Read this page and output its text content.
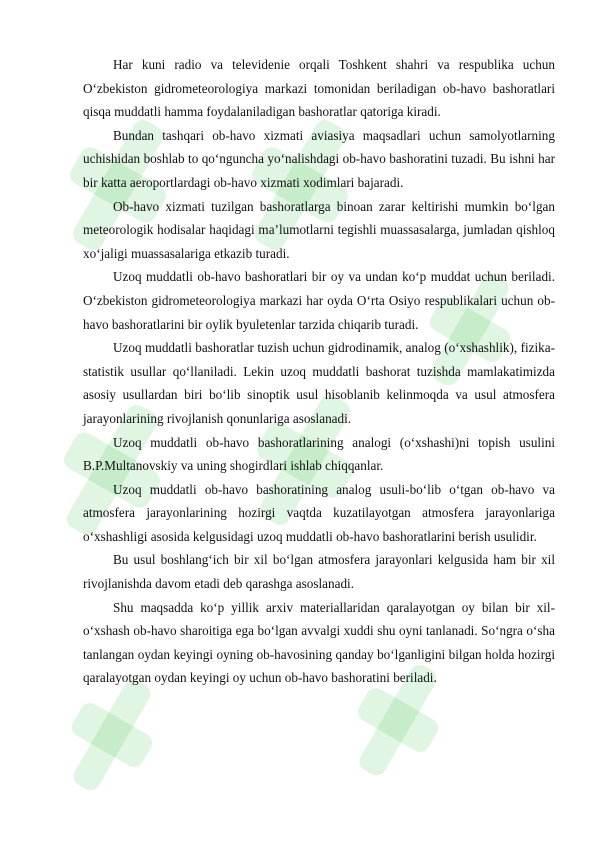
Har kuni radio va televidenie orqali Toshkent shahri va respublika uchun O‘zbekiston gidrometeorologiya markazi tomonidan beriladigan ob-havo bashoratlari qisqa muddatli hamma foydalaniladigan bashoratlar qatoriga kiradi.

Bundan tashqari ob-havo xizmati aviasiya maqsadlari uchun samolyotlarning uchishidan boshlab to qo‘nguncha yo‘nalishdagi ob-havo bashoratini tuzadi. Bu ishni har bir katta aeroportlardagi ob-havo xizmati xodimlari bajaradi.

Ob-havo xizmati tuzilgan bashoratlarga binoan zarar keltirishi mumkin bo‘lgan meteorologik hodisalar haqidagi ma’lumotlarni tegishli muassasalarga, jumladan qishloq xo‘jaligi muassasalariga etkazib turadi.

Uzoq muddatli ob-havo bashoratlari bir oy va undan ko‘p muddat uchun beriladi. O‘zbekiston gidrometeorologiya markazi har oyda O‘rta Osiyo respublikalari uchun ob-havo bashoratlarini bir oylik byuletenlar tarzida chiqarib turadi.

Uzoq muddatli bashoratlar tuzish uchun gidrodinamik, analog (o‘xshashlik), fizika-statistik usullar qo‘llaniladi. Lekin uzoq muddatli bashorat tuzishda mamlakatimizda asosiy usullardan biri bo‘lib sinoptik usul hisoblanib kelinmoqda va usul atmosfera jarayonlarining rivojlanish qonunlariga asoslanadi.

Uzoq muddatli ob-havo bashoratlarining analogi (o‘xshashi)ni topish usulini B.P.Multanovskiy va uning shogirdlari ishlab chiqqanlar.

Uzoq muddatli ob-havo bashoratining analog usuli-bo‘lib o‘tgan ob-havo va atmosfera jarayonlarining hozirgi vaqtda kuzatilayotgan atmosfera jarayonlariga o‘xshashligi asosida kelgusidagi uzoq muddatli ob-havo bashoratlarini berish usulidir.

Bu usul boshlang‘ich bir xil bo‘lgan atmosfera jarayonlari kelgusida ham bir xil rivojlanishda davom etadi deb qarashga asoslanadi.

Shu maqsadda ko‘p yillik arxiv materiallaridan qaralayotgan oy bilan bir xil-o‘xshash ob-havo sharoitiga ega bo‘lgan avvalgi xuddi shu oyni tanlanadi. So‘ngra o‘sha tanlangan oydan keyingi oyning ob-havosining qanday bo‘lganligini bilgan holda hozirgi qaralayotgan oydan keyingi oy uchun ob-havo bashoratini beriladi.
